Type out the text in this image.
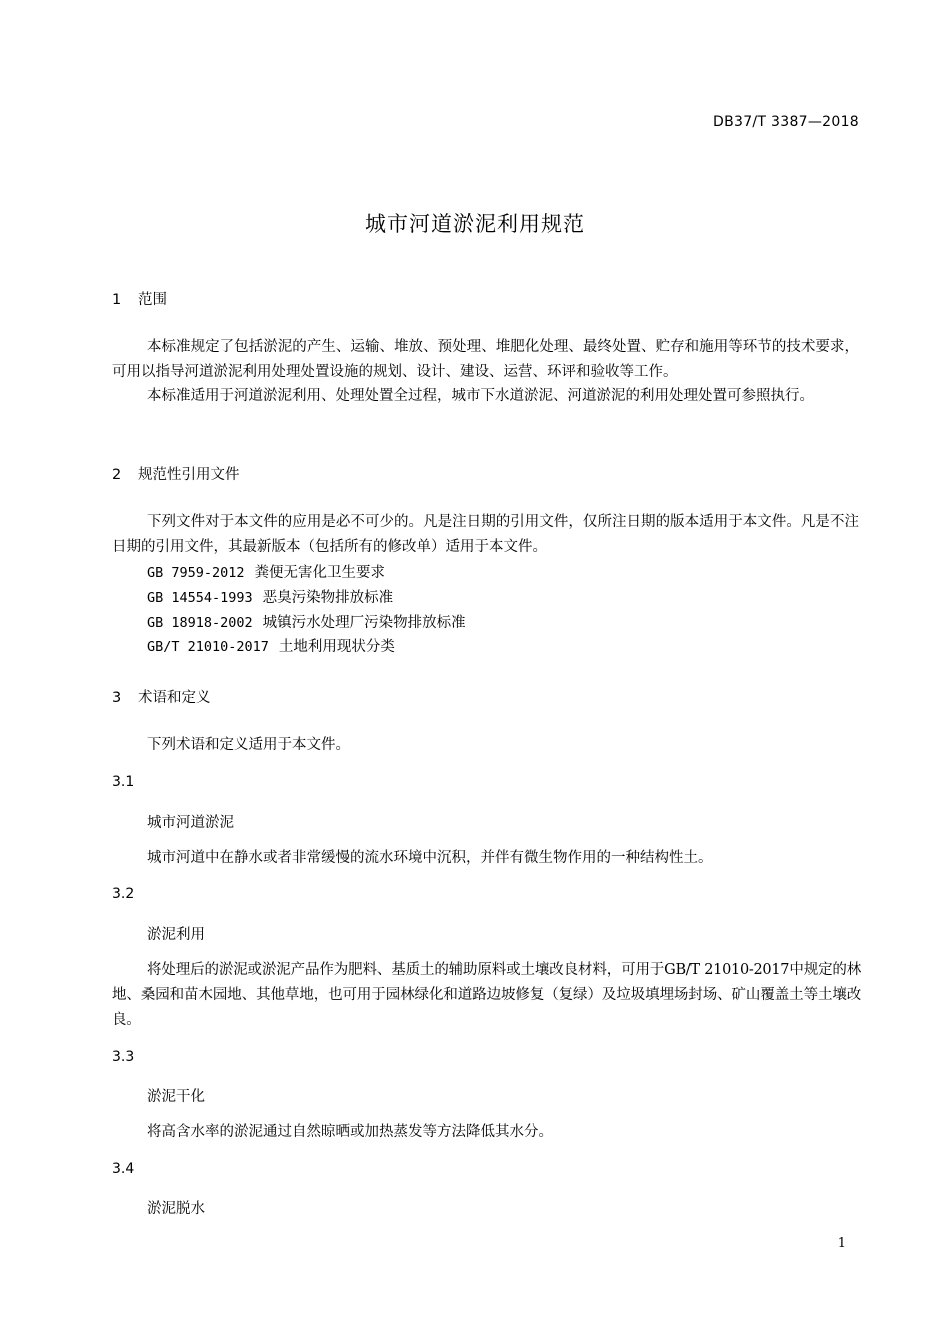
DB37/T 3387—2018
城市河道淤泥利用规范
1 范围
本标准规定了包括淤泥的产生、运输、堆放、预处理、堆肥化处理、最终处置、贮存和施用等环节的技术要求，可用以指导河道淤泥利用处理处置设施的规划、设计、建设、运营、环评和验收等工作。
本标准适用于河道淤泥利用、处理处置全过程，城市下水道淤泥、河道淤泥的利用处理处置可参照执行。
2 规范性引用文件
下列文件对于本文件的应用是必不可少的。凡是注日期的引用文件，仅所注日期的版本适用于本文件。凡是不注日期的引用文件，其最新版本（包括所有的修改单）适用于本文件。
GB 7959-2012 粪便无害化卫生要求
GB 14554-1993 恶臭污染物排放标准
GB 18918-2002 城镇污水处理厂污染物排放标准
GB/T 21010-2017 土地利用现状分类
3 术语和定义
下列术语和定义适用于本文件。
3.1
城市河道淤泥
城市河道中在静水或者非常缓慢的流水环境中沉积，并伴有微生物作用的一种结构性土。
3.2
淤泥利用
将处理后的淤泥或淤泥产品作为肥料、基质土的辅助原料或土壤改良材料，可用于GB/T 21010-2017中规定的林地、桑园和苗木园地、其他草地，也可用于园林绿化和道路边坡修复（复绿）及垃圾填埋场封场、矿山覆盖土等土壤改良。
3.3
淤泥干化
将高含水率的淤泥通过自然晾晒或加热蒸发等方法降低其水分。
3.4
淤泥脱水
1
